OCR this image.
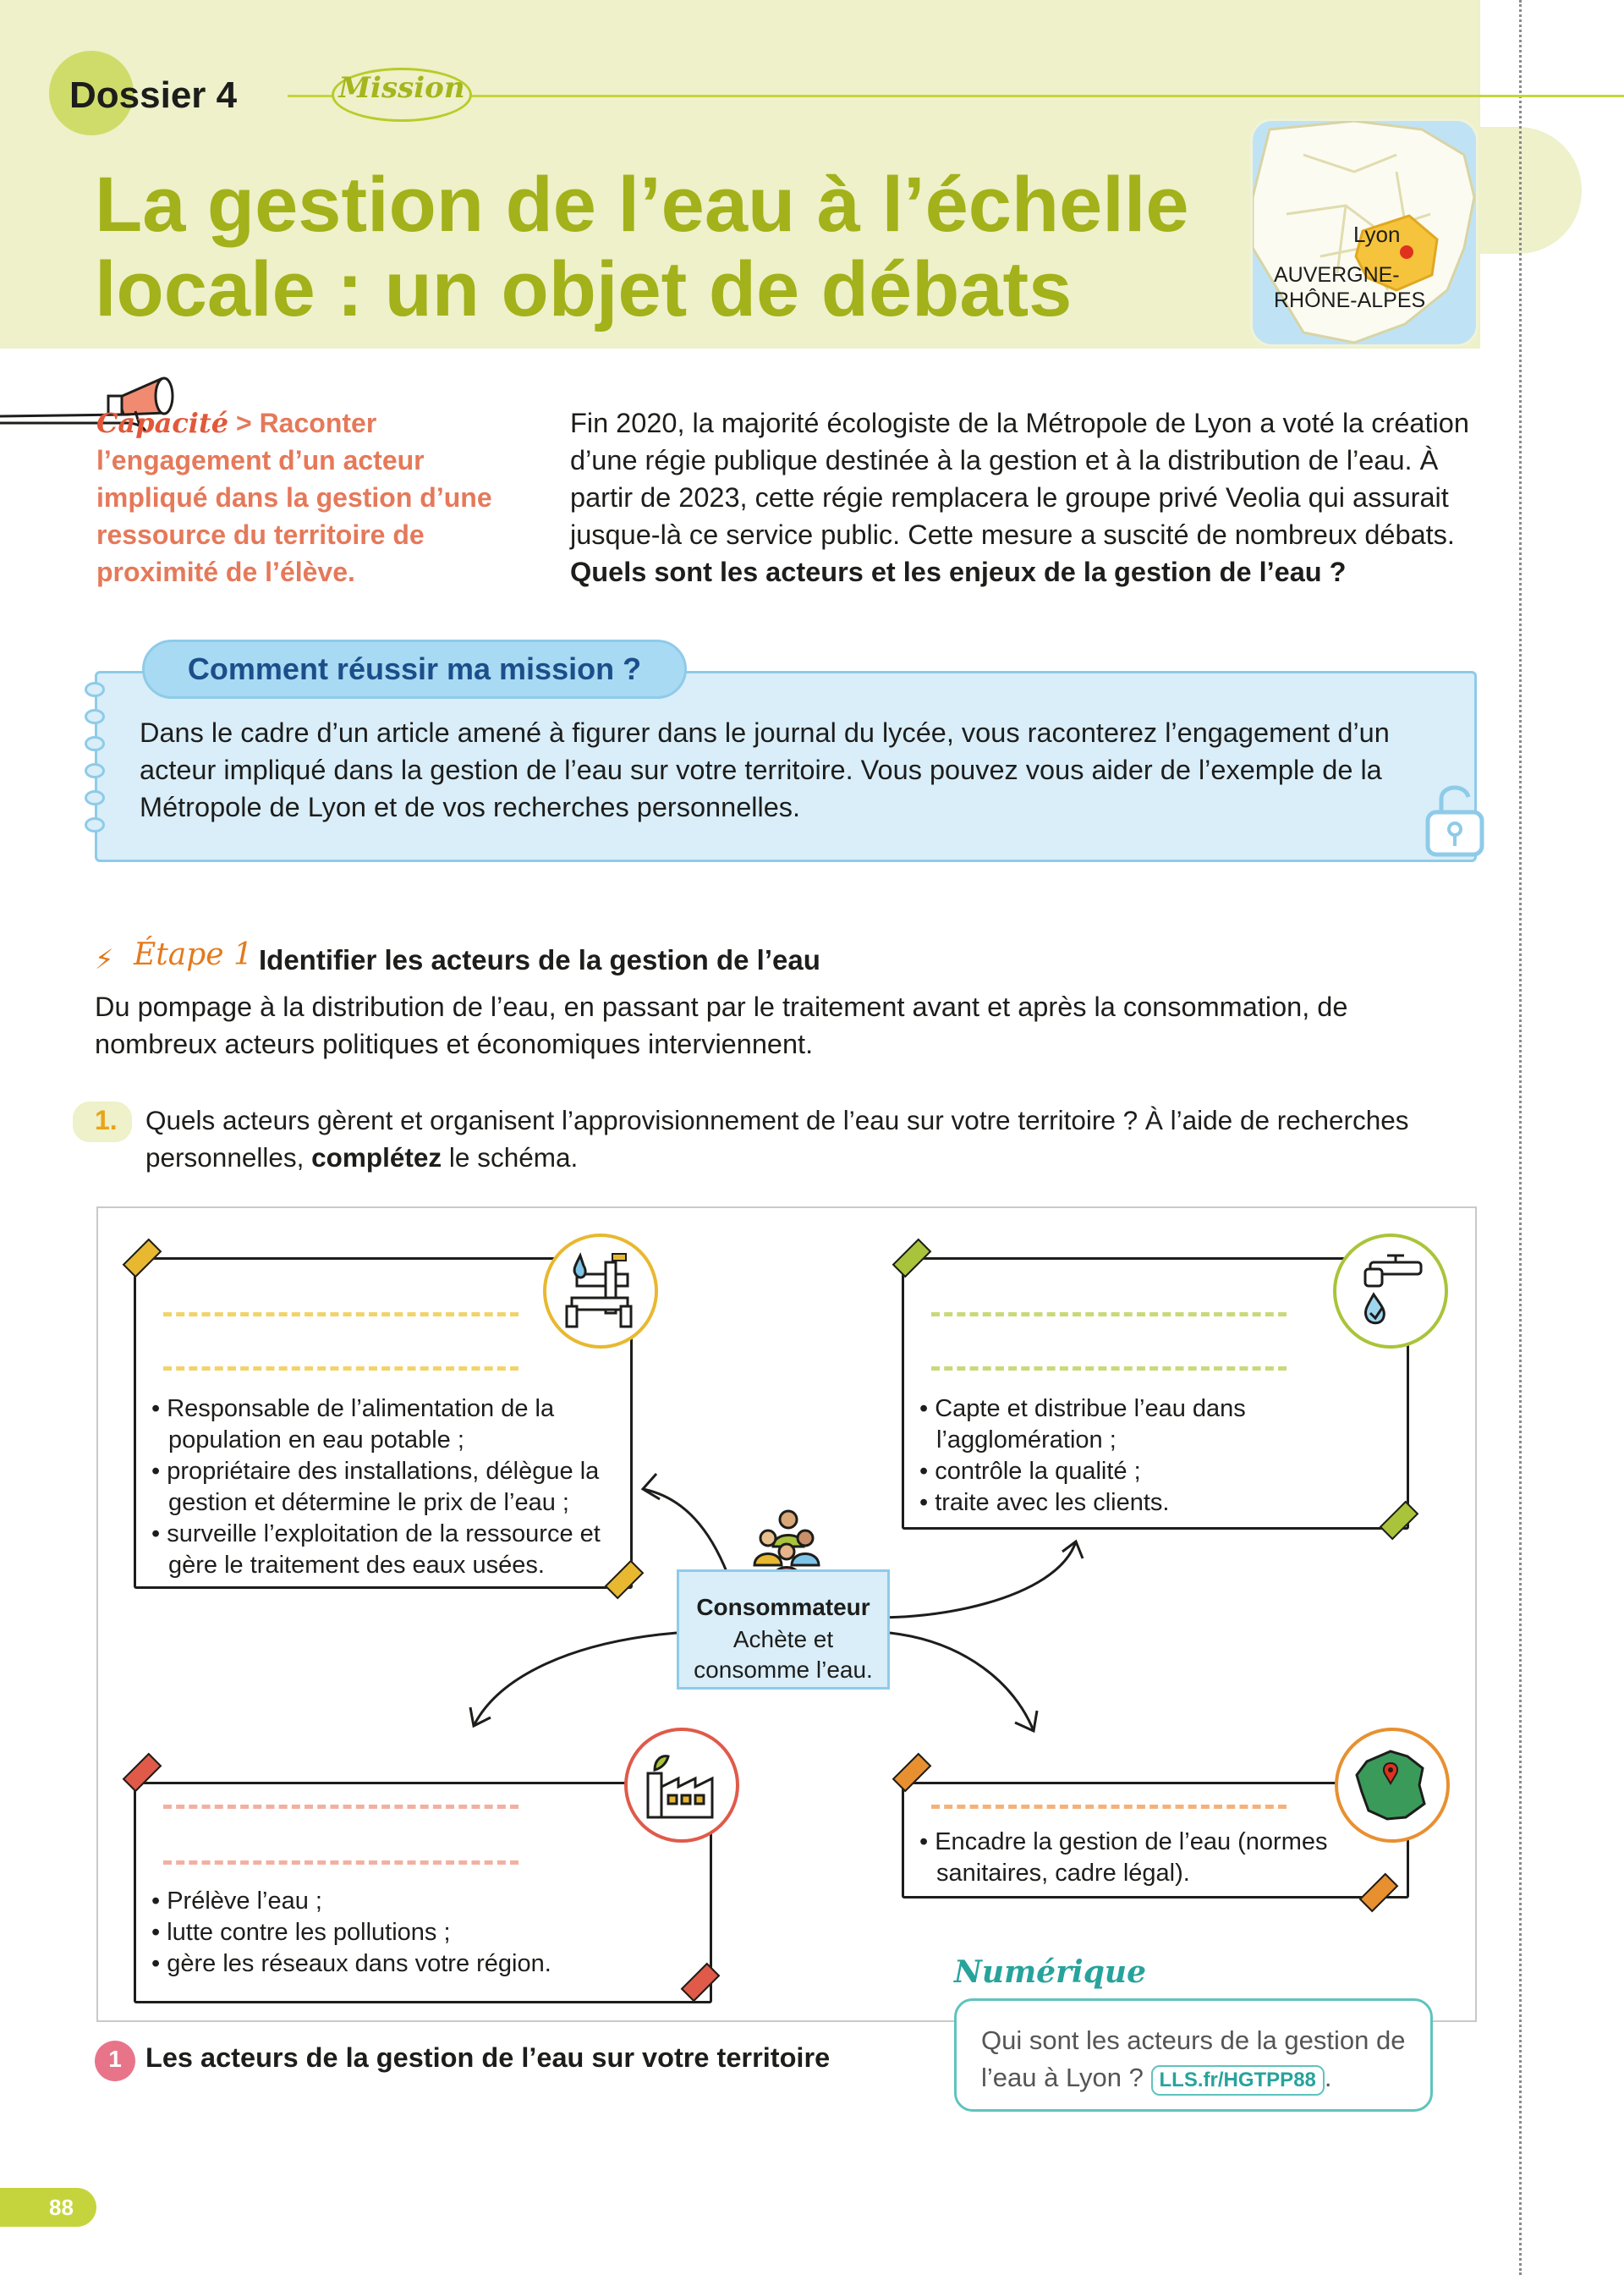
Dossier 4	Mission
La gestion de l’eau à l’échelle
locale : un objet de débats
Lyon
AUVERGNE-
RHÔNE-ALPES
Capacité > Raconter l’engagement d’un acteur impliqué dans la gestion d’une ressource du territoire de proximité de l’élève.
Fin 2020, la majorité écologiste de la Métropole de Lyon a voté la création d’une régie publique destinée à la gestion et à la distribution de l’eau. À partir de 2023, cette régie remplacera le groupe privé Veolia qui assurait jusque-là ce service public. Cette mesure a suscité de nombreux débats. Quels sont les acteurs et les enjeux de la gestion de l’eau ?
Comment réussir ma mission ?
Dans le cadre d’un article amené à figurer dans le journal du lycée, vous raconterez l’engagement d’un acteur impliqué dans la gestion de l’eau sur votre territoire. Vous pouvez vous aider de l’exemple de la Métropole de Lyon et de vos recherches personnelles.
⚡ Étape 1 Identifier les acteurs de la gestion de l’eau
Du pompage à la distribution de l’eau, en passant par le traitement avant et après la consommation, de nombreux acteurs politiques et économiques interviennent.
1. Quels acteurs gèrent et organisent l’approvisionnement de l’eau sur votre territoire ? À l’aide de recherches personnelles, complétez le schéma.
• Responsable de l’alimentation de la population en eau potable ;
• propriétaire des installations, délègue la gestion et détermine le prix de l’eau ;
• surveille l’exploitation de la ressource et gère le traitement des eaux usées.
• Capte et distribue l’eau dans l’agglomération ;
• contrôle la qualité ;
• traite avec les clients.
Consommateur
Achète et consomme l’eau.
• Prélève l’eau ;
• lutte contre les pollutions ;
• gère les réseaux dans votre région.
• Encadre la gestion de l’eau (normes sanitaires, cadre légal).
1 Les acteurs de la gestion de l’eau sur votre territoire
Numérique
Qui sont les acteurs de la gestion de l’eau à Lyon ? LLS.fr/HGTPP88 .
88
